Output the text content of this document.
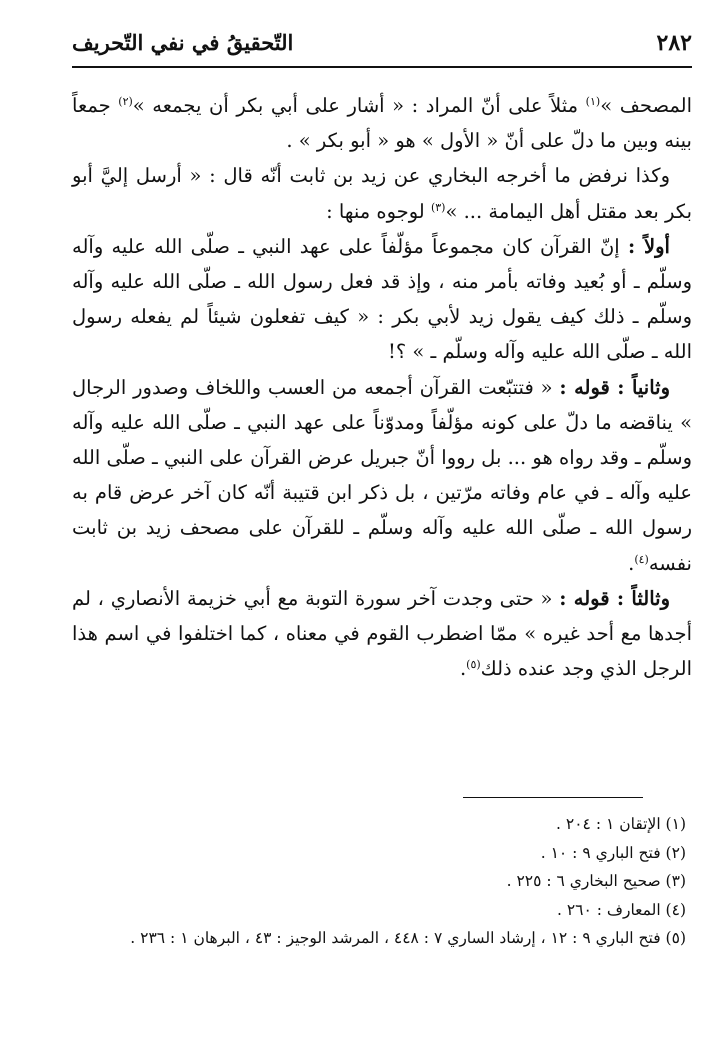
٢٨٢
التّحقيقُ في نفي التّحريف

المصحف »$^{(١)}$ مثلاً على أنّ المراد : « أشار على أبي بكر أن يجمعه »$^{(٢)}$ جمعاً بينه وبين ما دلّ على أنّ « الأول » هو « أبو بكر » .

وكذا نرفض ما أخرجه البخاري عن زيد بن ثابت أنّه قال : « أرسل إليَّ أبو بكر بعد مقتل أهل اليمامة ... »$^{(٣)}$ لوجوه منها :

أولاً : إنّ القرآن كان مجموعاً مؤلّفاً على عهد النبي ـ صلّى الله عليه وآله وسلّم ـ أو بُعيد وفاته بأمر منه ، وإذ قد فعل رسول الله ـ صلّى الله عليه وآله وسلّم ـ ذلك كيف يقول زيد لأبي بكر : « كيف تفعلون شيئاً لم يفعله رسول الله ـ صلّى الله عليه وآله وسلّم ـ » ؟!

وثانياً : قوله : « فتتبّعت القرآن أجمعه من العسب واللخاف وصدور الرجال » يناقضه ما دلّ على كونه مؤلّفاً ومدوّناً على عهد النبي ـ صلّى الله عليه وآله وسلّم ـ وقد رواه هو ... بل رووا أنّ جبريل عرض القرآن على النبي ـ صلّى الله عليه وآله ـ في عام وفاته مرّتين ، بل ذكر ابن قتيبة أنّه كان آخر عرض قام به رسول الله ـ صلّى الله عليه وآله وسلّم ـ للقرآن على مصحف زيد بن ثابت نفسه$^{(٤)}$.

وثالثاً : قوله : « حتى وجدت آخر سورة التوبة مع أبي خزيمة الأنصاري ، لم أجدها مع أحد غيره » ممّا اضطرب القوم في معناه ، كما اختلفوا في اسم هذا الرجل الذي وجد عنده ذلك$^{(٥)}$.

(١) الإتقان ١ : ٢٠٤ .

(٢) فتح الباري ٩ : ١٠ .

(٣) صحيح البخاري ٦ : ٢٢٥ .

(٤) المعارف : ٢٦٠ .

(٥) فتح الباري ٩ : ١٢ ، إرشاد الساري ٧ : ٤٤٨ ، المرشد الوجيز : ٤٣ ، البرهان ١ : ٢٣٦ .
